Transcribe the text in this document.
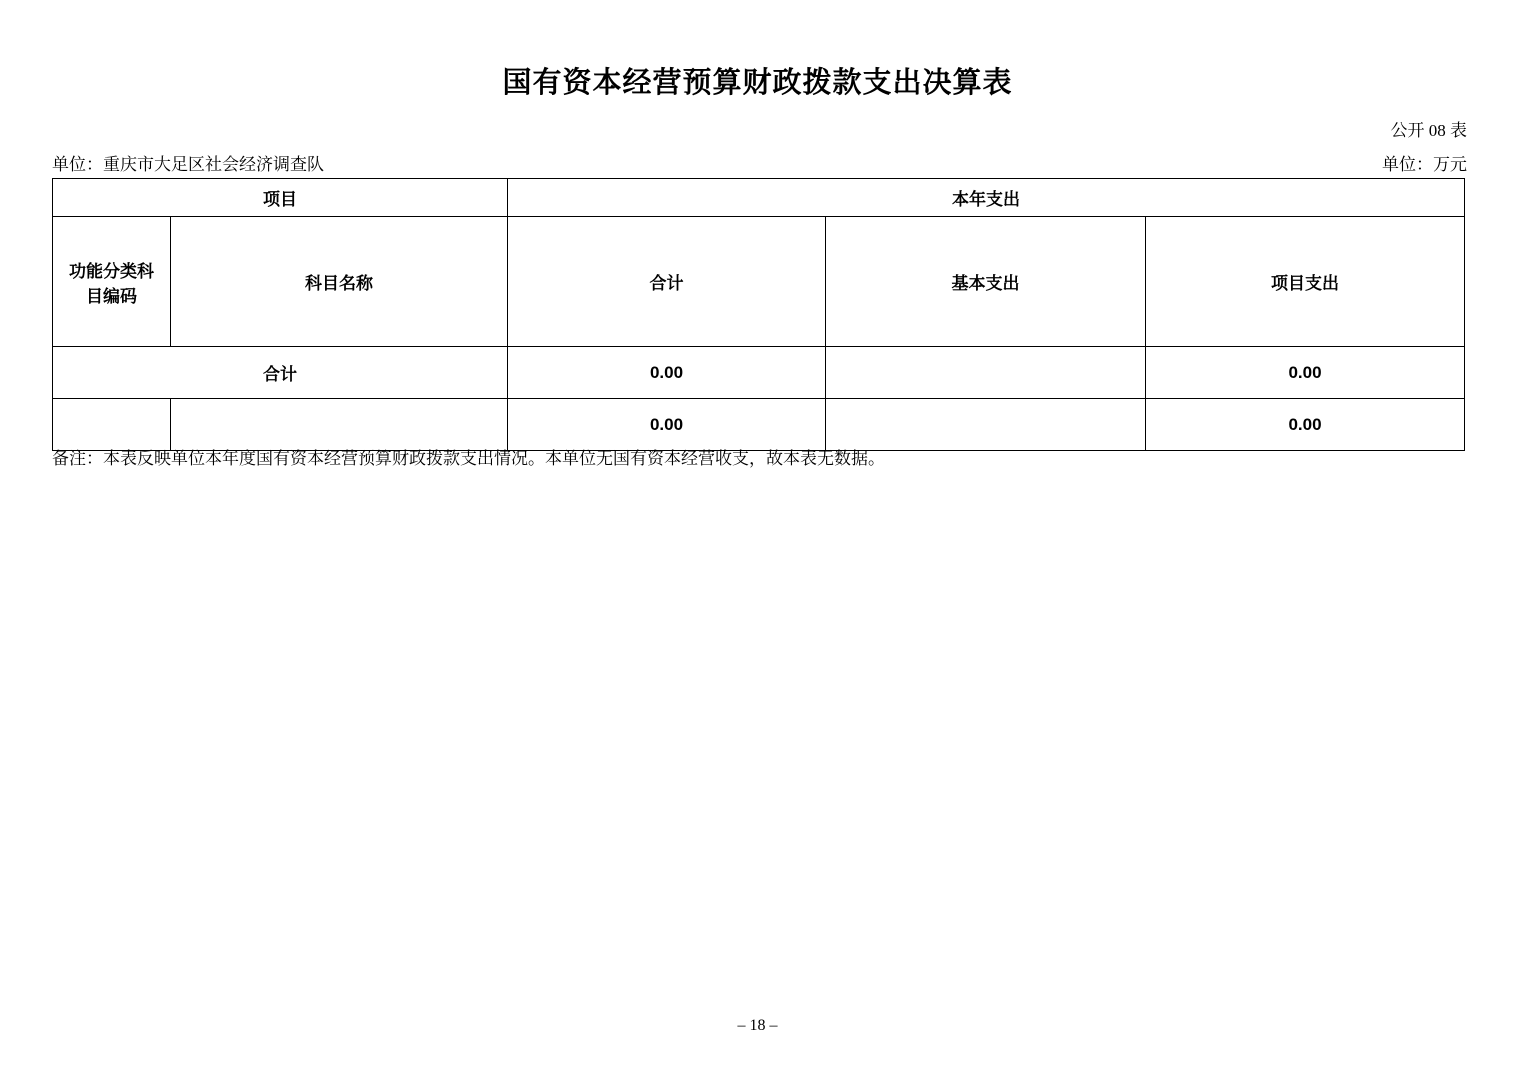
国有资本经营预算财政拨款支出决算表
公开 08 表
单位：重庆市大足区社会经济调查队	单位：万元
项目		本年支出		
功能分类科目编码	科目名称	合计	基本支出	项目支出
合计		0.00		0.00
		0.00		0.00
备注：本表反映单位本年度国有资本经营预算财政拨款支出情况。本单位无国有资本经营收支，故本表无数据。
– 18 –
